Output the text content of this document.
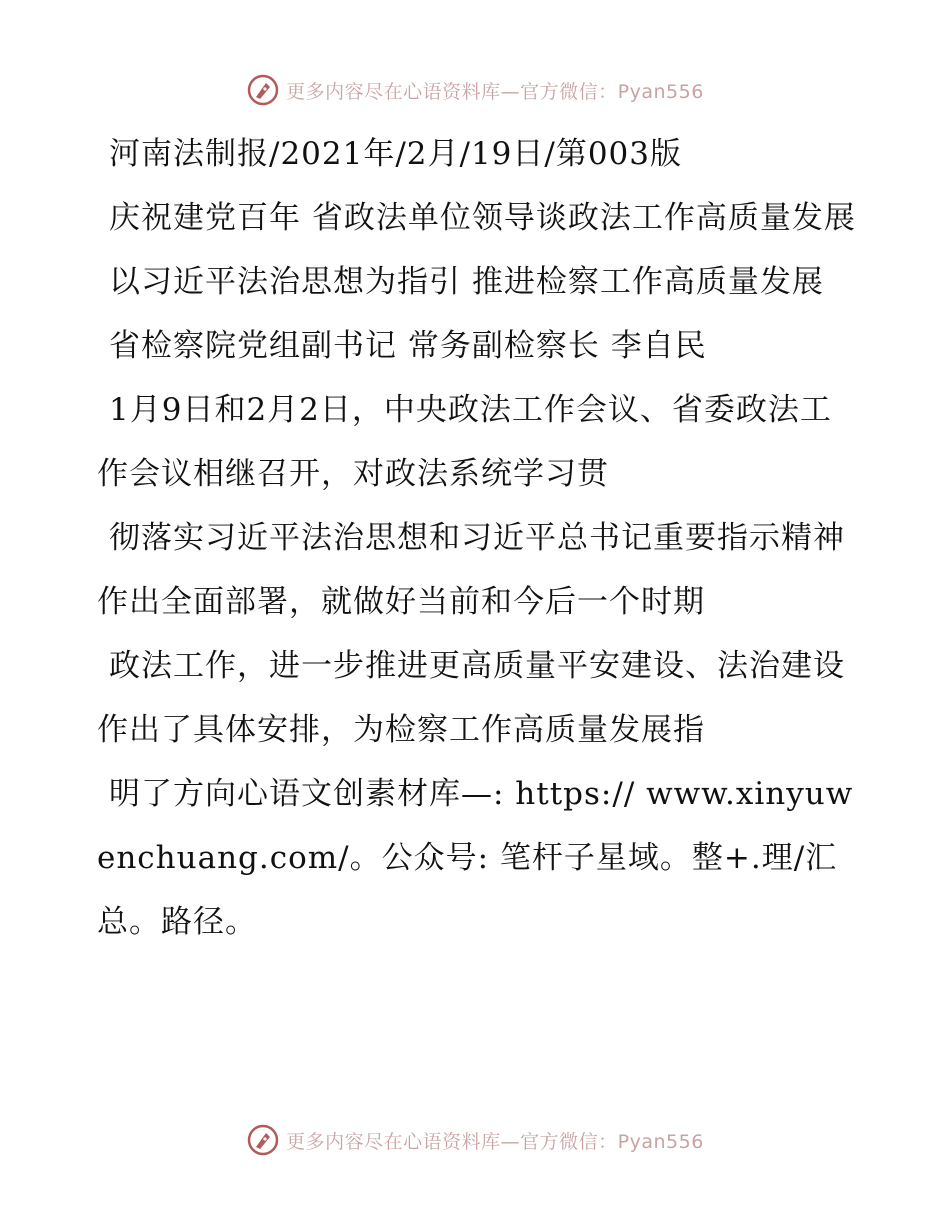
更多内容尽在心语资料库—官方微信：Pyan556

河南法制报/2021年/2月/19日/第003版

庆祝建党百年 省政法单位领导谈政法工作高质量发展

以习近平法治思想为指引 推进检察工作高质量发展

省检察院党组副书记 常务副检察长 李自民

1月9日和2月2日，中央政法工作会议、省委政法工作会议相继召开，对政法系统学习贯

彻落实习近平法治思想和习近平总书记重要指示精神作出全面部署，就做好当前和今后一个时期

政法工作，进一步推进更高质量平安建设、法治建设作出了具体安排，为检察工作高质量发展指

明了方向心语文创素材库—: https:// www.xinyuwenchuang.com/。公众号: 笔杆子星域。整+.理/汇总。路径。

更多内容尽在心语资料库—官方微信：Pyan556
